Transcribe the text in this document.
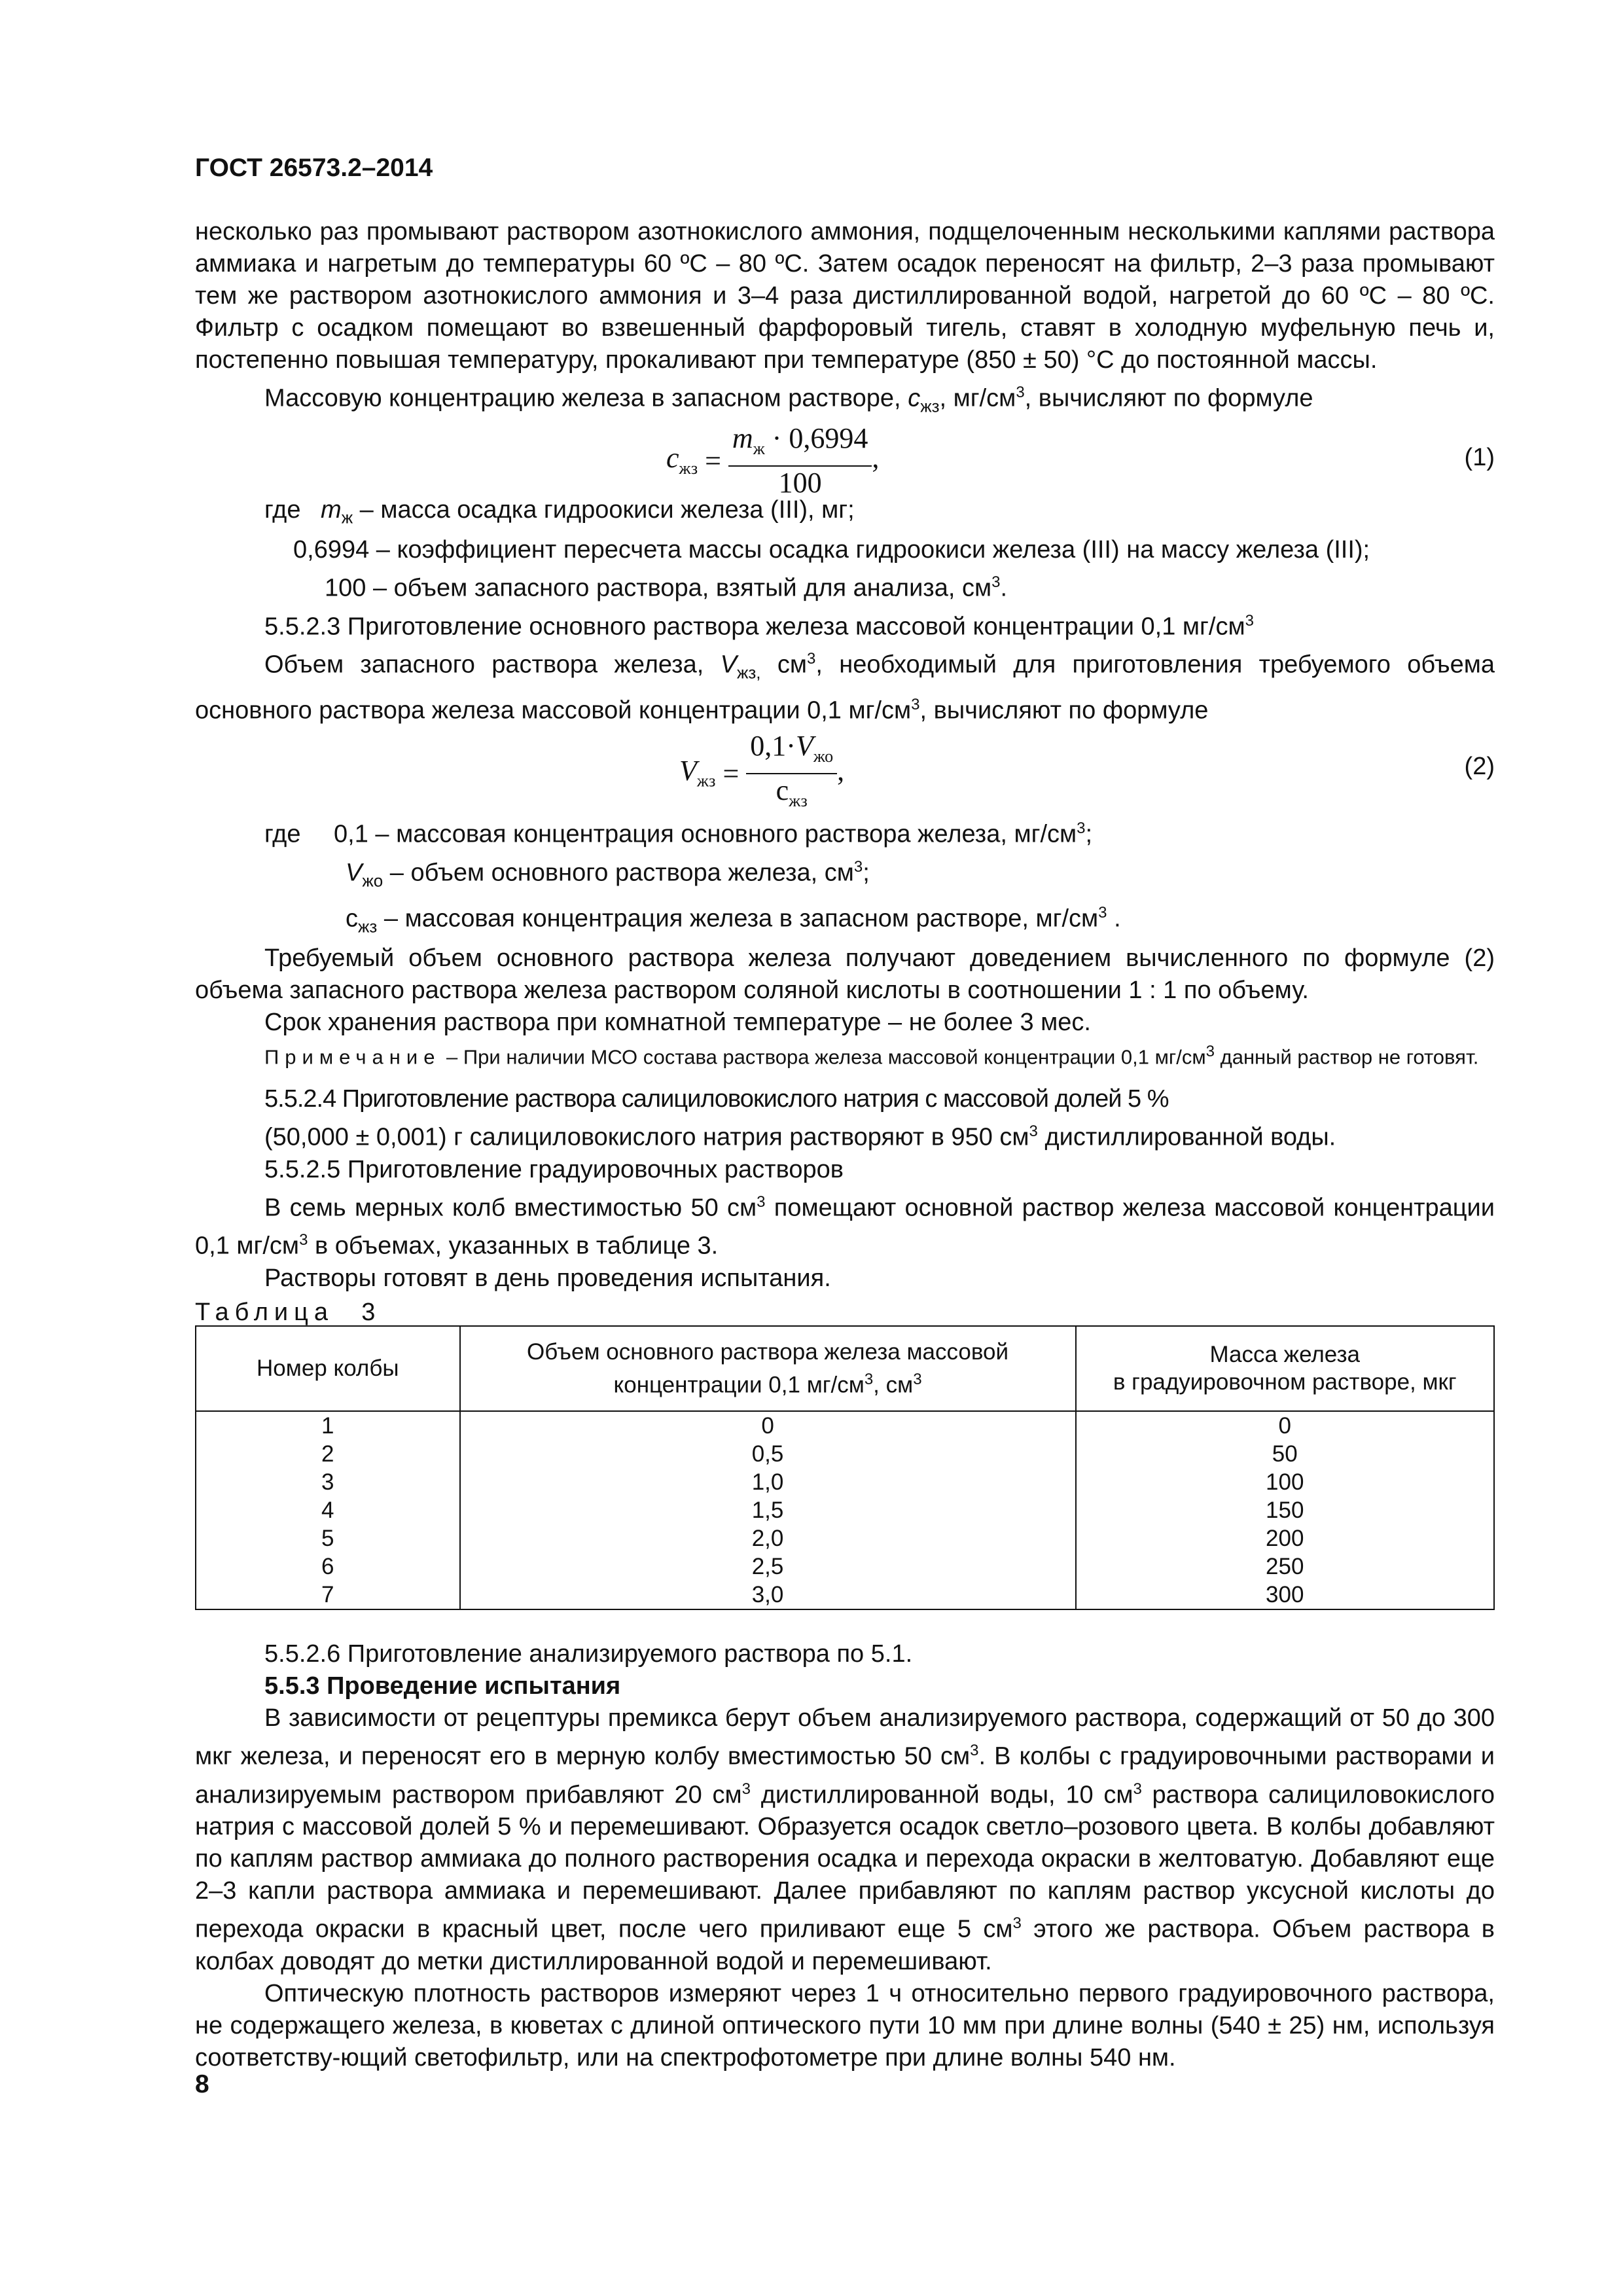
ГОСТ 26573.2–2014

несколько раз промывают раствором азотнокислого аммония, подщелоченным несколькими каплями раствора аммиака и нагретым до температуры 60 ºС – 80 ºС. Затем осадок переносят на фильтр, 2–3 раза промывают тем же раствором азотнокислого аммония и 3–4 раза дистиллированной водой, нагретой до 60 ºС – 80 ºС. Фильтр с осадком помещают во взвешенный фарфоровый тигель, ставят в холодную муфельную печь и, постепенно повышая температуру, прокаливают при температуре (850 ± 50) °С до постоянной массы.

Массовую концентрацию железа в запасном растворе, $с_{жз}$, $мг/см^3$, вычисляют по формуле

$c_{жз} = \frac{m_ж \cdot 0,6994}{100}$ ,	(1)

где $m_ж$ – масса осадка гидроокиси железа (III), мг;

0,6994 – коэффициент пересчета массы осадка гидроокиси железа (III) на массу железа (III);

100 – объем запасного раствора, взятый для анализа, $см^3$.

5.5.2.3 Приготовление основного раствора железа массовой концентрации 0,1 $мг/см^3$

Объем запасного раствора железа, $V_{жз,}$ $см^3$, необходимый для приготовления требуемого объема основного раствора железа массовой концентрации 0,1 $мг/см^3$, вычисляют по формуле

$V_{жз} = \frac{0,1\cdot V_{жо}}{c_{жз}}$ ,	(2)

где 0,1 – массовая концентрация основного раствора железа, $мг/см^3$;

$V_{жо}$ – объем основного раствора железа, $см^3$;

$с_{жз}$ – массовая концентрация железа в запасном растворе, $мг/см^3$ .

Требуемый объем основного раствора железа получают доведением вычисленного по формуле (2) объема запасного раствора железа раствором соляной кислоты в соотношении 1 : 1 по объему.

Срок хранения раствора при комнатной температуре – не более 3 мес.

Примечание – При наличии МСО состава раствора железа массовой концентрации 0,1 $мг/см^3$ данный раствор не готовят.

5.5.2.4 Приготовление раствора салициловокислого натрия с массовой долей 5 %

(50,000 ± 0,001) г салициловокислого натрия растворяют в 950 $см^3$ дистиллированной воды.

5.5.2.5 Приготовление градуировочных растворов

В семь мерных колб вместимостью 50 $см^3$ помещают основной раствор железа массовой концентрации 0,1 $мг/см^3$ в объемах, указанных в таблице 3.

Растворы готовят в день проведения испытания.

Таблица 3
Номер колбы	Объем основного раствора железа массовой концентрации 0,1 $мг/см^3$, $см^3$	Масса железа
в градуировочном растворе, мкг
1	0	0
2	0,5	50
3	1,0	100
4	1,5	150
5	2,0	200
6	2,5	250
7	3,0	300

5.5.2.6 Приготовление анализируемого раствора по 5.1.

5.5.3 Проведение испытания

В зависимости от рецептуры премикса берут объем анализируемого раствора, содержащий от 50 до 300 мкг железа, и переносят его в мерную колбу вместимостью 50 $см^3$. В колбы с градуировочными растворами и анализируемым раствором прибавляют 20 $см^3$ дистиллированной воды, 10 $см^3$ раствора салициловокислого натрия с массовой долей 5 % и перемешивают. Образуется осадок светло–розового цвета. В колбы добавляют по каплям раствор аммиака до полного растворения осадка и перехода окраски в желтоватую. Добавляют еще 2–3 капли раствора аммиака и перемешивают. Далее прибавляют по каплям раствор уксусной кислоты до перехода окраски в красный цвет, после чего приливают еще 5 $см^3$ этого же раствора. Объем раствора в колбах доводят до метки дистиллированной водой и перемешивают.

Оптическую плотность растворов измеряют через 1 ч относительно первого градуировочного раствора, не содержащего железа, в кюветах с длиной оптического пути 10 мм при длине волны (540 ± 25) нм, используя соответству-ющий светофильтр, или на спектрофотометре при длине волны 540 нм.

8
